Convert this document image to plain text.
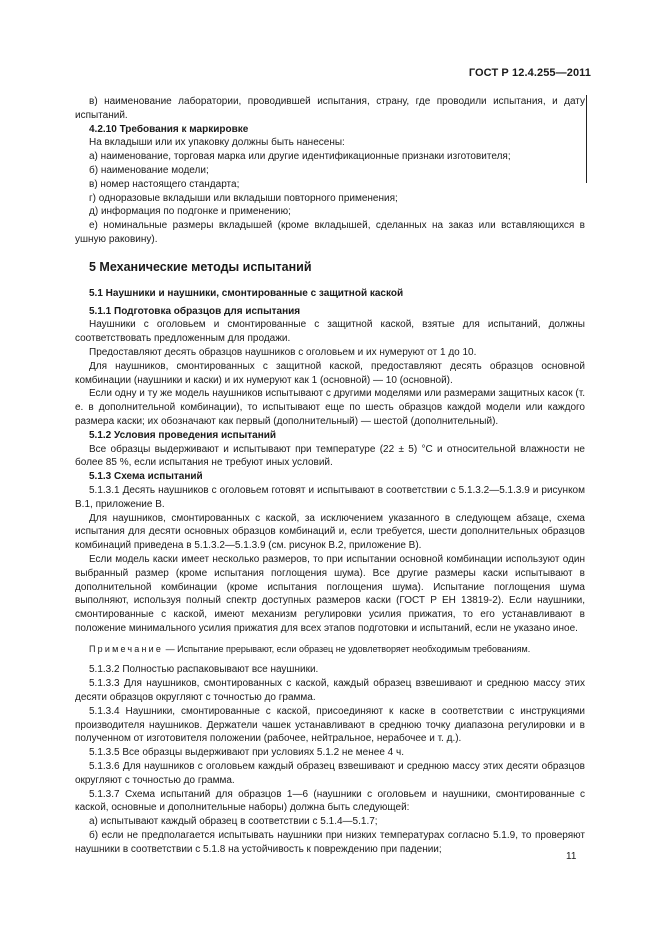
ГОСТ Р 12.4.255—2011

в) наименование лаборатории, проводившей испытания, страну, где проводили испытания, и дату испытаний.

4.2.10 Требования к маркировке

На вкладыши или их упаковку должны быть нанесены:

а) наименование, торговая марка или другие идентификационные признаки изготовителя;

б) наименование модели;

в) номер настоящего стандарта;

г) одноразовые вкладыши или вкладыши повторного применения;

д) информация по подгонке и применению;

е) номинальные размеры вкладышей (кроме вкладышей, сделанных на заказ или вставляющихся в ушную раковину).

5 Механические методы испытаний

5.1 Наушники и наушники, смонтированные с защитной каской

5.1.1 Подготовка образцов для испытания

Наушники с оголовьем и смонтированные с защитной каской, взятые для испытаний, должны соответствовать предложенным для продажи.

Предоставляют десять образцов наушников с оголовьем и их нумеруют от 1 до 10.

Для наушников, смонтированных с защитной каской, предоставляют десять образцов основной комбинации (наушники и каски) и их нумеруют как 1 (основной) — 10 (основной).

Если одну и ту же модель наушников испытывают с другими моделями или размерами защитных касок (т. е. в дополнительной комбинации), то испытывают еще по шесть образцов каждой модели или каждого размера каски; их обозначают как первый (дополнительный) — шестой (дополнительный).

5.1.2 Условия проведения испытаний

Все образцы выдерживают и испытывают при температуре (22 ± 5) °С и относительной влажности не более 85 %, если испытания не требуют иных условий.

5.1.3 Схема испытаний

5.1.3.1 Десять наушников с оголовьем готовят и испытывают в соответствии с 5.1.3.2—5.1.3.9 и рисунком В.1, приложение В.

Для наушников, смонтированных с каской, за исключением указанного в следующем абзаце, схема испытания для десяти основных образцов комбинаций и, если требуется, шести дополнительных образцов комбинаций приведена в 5.1.3.2—5.1.3.9 (см. рисунок В.2, приложение В).

Если модель каски имеет несколько размеров, то при испытании основной комбинации используют один выбранный размер (кроме испытания поглощения шума). Все другие размеры каски испытывают в дополнительной комбинации (кроме испытания поглощения шума). Испытание поглощения шума выполняют, используя полный спектр доступных размеров каски (ГОСТ Р ЕН 13819-2). Если наушники, смонтированные с каской, имеют механизм регулировки усилия прижатия, то его устанавливают в положение минимального усилия прижатия для всех этапов подготовки и испытаний, если не указано иное.

Примечание — Испытание прерывают, если образец не удовлетворяет необходимым требованиям.

5.1.3.2 Полностью распаковывают все наушники.

5.1.3.3 Для наушников, смонтированных с каской, каждый образец взвешивают и среднюю массу этих десяти образцов округляют с точностью до грамма.

5.1.3.4 Наушники, смонтированные с каской, присоединяют к каске в соответствии с инструкциями производителя наушников. Держатели чашек устанавливают в среднюю точку диапазона регулировки и в полученном от изготовителя положении (рабочее, нейтральное, нерабочее и т. д.).

5.1.3.5 Все образцы выдерживают при условиях 5.1.2 не менее 4 ч.

5.1.3.6 Для наушников с оголовьем каждый образец взвешивают и среднюю массу этих десяти образцов округляют с точностью до грамма.

5.1.3.7 Схема испытаний для образцов 1—6 (наушники с оголовьем и наушники, смонтированные с каской, основные и дополнительные наборы) должна быть следующей:

а) испытывают каждый образец в соответствии с 5.1.4—5.1.7;

б) если не предполагается испытывать наушники при низких температурах согласно 5.1.9, то проверяют наушники в соответствии с 5.1.8 на устойчивость к повреждению при падении;

11
